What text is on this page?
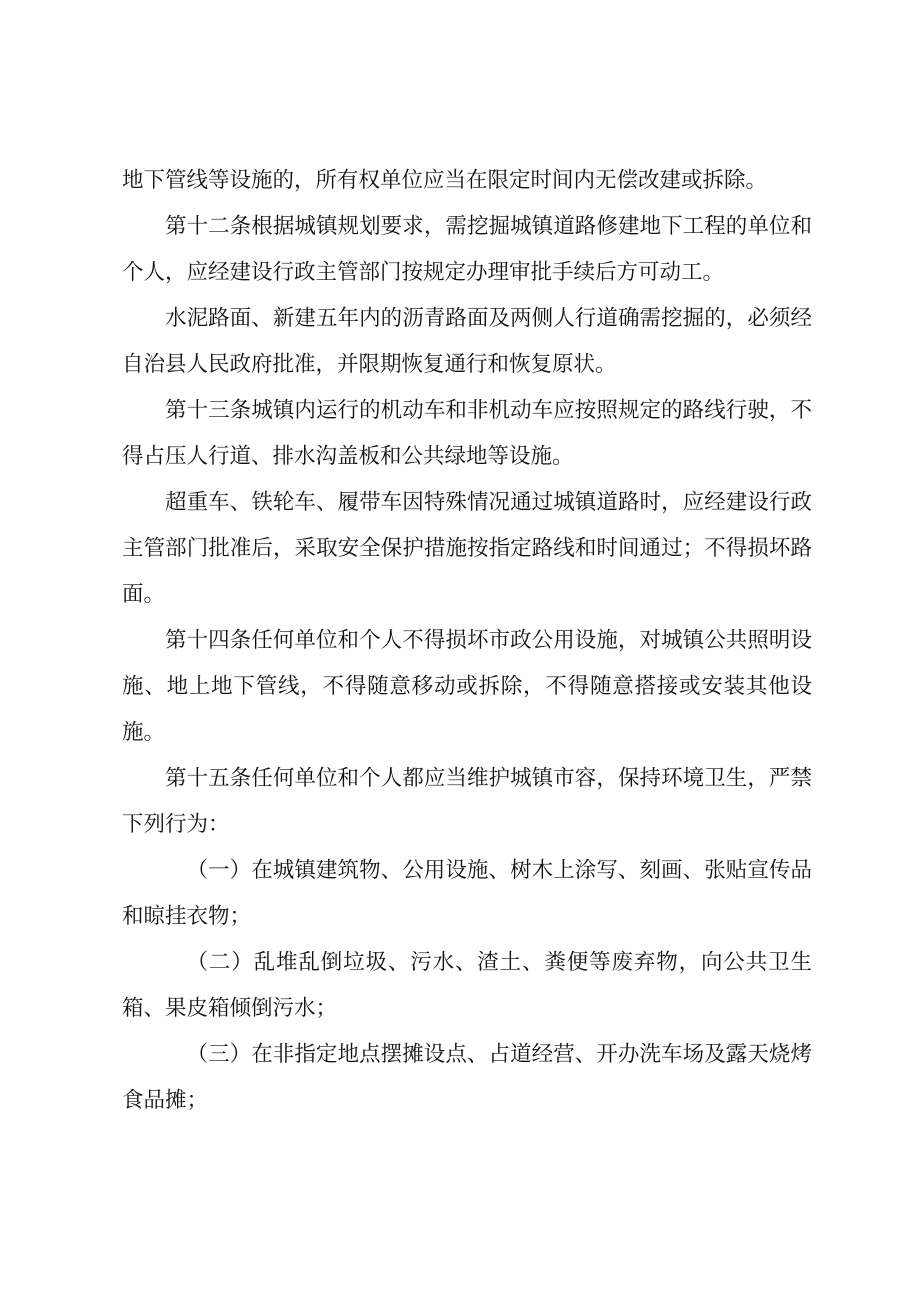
地下管线等设施的，所有权单位应当在限定时间内无偿改建或拆除。

第十二条根据城镇规划要求，需挖掘城镇道路修建地下工程的单位和个人，应经建设行政主管部门按规定办理审批手续后方可动工。

水泥路面、新建五年内的沥青路面及两侧人行道确需挖掘的，必须经自治县人民政府批准，并限期恢复通行和恢复原状。

第十三条城镇内运行的机动车和非机动车应按照规定的路线行驶，不得占压人行道、排水沟盖板和公共绿地等设施。

超重车、铁轮车、履带车因特殊情况通过城镇道路时，应经建设行政主管部门批准后，采取安全保护措施按指定路线和时间通过；不得损坏路面。

第十四条任何单位和个人不得损坏市政公用设施，对城镇公共照明设施、地上地下管线，不得随意移动或拆除，不得随意搭接或安装其他设施。

第十五条任何单位和个人都应当维护城镇市容，保持环境卫生，严禁下列行为：

（一）在城镇建筑物、公用设施、树木上涂写、刻画、张贴宣传品和晾挂衣物；

（二）乱堆乱倒垃圾、污水、渣土、粪便等废弃物，向公共卫生箱、果皮箱倾倒污水；

（三）在非指定地点摆摊设点、占道经营、开办洗车场及露天烧烤食品摊；
